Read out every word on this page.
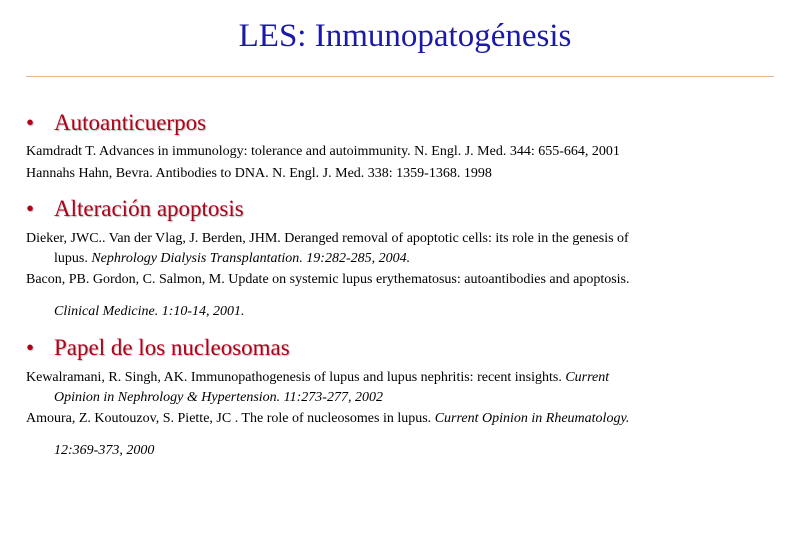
LES: Inmunopatogénesis
• Autoanticuerpos
Kamdradt T. Advances in immunology: tolerance and autoimmunity. N. Engl. J. Med. 344: 655-664, 2001
Hannahs Hahn, Bevra. Antibodies to DNA. N. Engl. J. Med. 338: 1359-1368. 1998
• Alteración apoptosis
Dieker, JWC.. Van der Vlag, J. Berden, JHM. Deranged removal of apoptotic cells: its role in the genesis of
lupus. Nephrology Dialysis Transplantation. 19:282-285, 2004.
Bacon, PB. Gordon, C. Salmon, M. Update on systemic lupus erythematosus: autoantibodies and apoptosis.
Clinical Medicine. 1:10-14, 2001.
• Papel de los nucleosomas
Kewalramani, R. Singh, AK. Immunopathogenesis of lupus and lupus nephritis: recent insights. Current
Opinion in Nephrology & Hypertension. 11:273-277, 2002
Amoura, Z. Koutouzov, S. Piette, JC . The role of nucleosomes in lupus. Current Opinion in Rheumatology.
12:369-373, 2000
